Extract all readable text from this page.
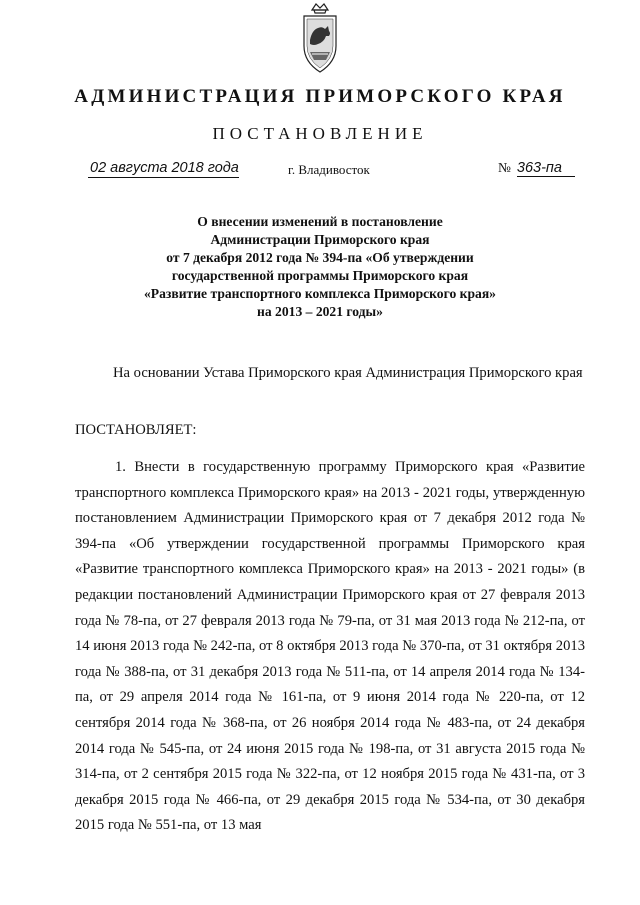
АДМИНИСТРАЦИЯ ПРИМОРСКОГО КРАЯ
ПОСТАНОВЛЕНИЕ
02 августа 2018 года	г. Владивосток	№ 363-па
О внесении изменений в постановление
Администрации Приморского края
от 7 декабря 2012 года № 394-па «Об утверждении
государственной программы Приморского края
«Развитие транспортного комплекса Приморского края»
на 2013 – 2021 годы»
На основании Устава Приморского края Администрация Приморского края
ПОСТАНОВЛЯЕТ:
1. Внести в государственную программу Приморского края «Развитие транспортного комплекса Приморского края» на 2013 - 2021 годы, утвержденную постановлением Администрации Приморского края от 7 декабря 2012 года № 394-па «Об утверждении государственной программы Приморского края «Развитие транспортного комплекса Приморского края» на 2013 - 2021 годы» (в редакции постановлений Администрации Приморского края от 27 февраля 2013 года № 78-па, от 27 февраля 2013 года № 79-па, от 31 мая 2013 года № 212-па, от 14 июня 2013 года № 242-па, от 8 октября 2013 года № 370-па, от 31 октября 2013 года № 388-па, от 31 декабря 2013 года № 511-па, от 14 апреля 2014 года № 134-па, от 29 апреля 2014 года № 161-па, от 9 июня 2014 года № 220-па, от 12 сентября 2014 года № 368-па, от 26 ноября 2014 года № 483-па, от 24 декабря 2014 года № 545-па, от 24 июня 2015 года № 198-па, от 31 августа 2015 года № 314-па, от 2 сентября 2015 года № 322-па, от 12 ноября 2015 года № 431-па, от 3 декабря 2015 года № 466-па, от 29 декабря 2015 года № 534-па, от 30 декабря 2015 года № 551-па, от 13 мая
